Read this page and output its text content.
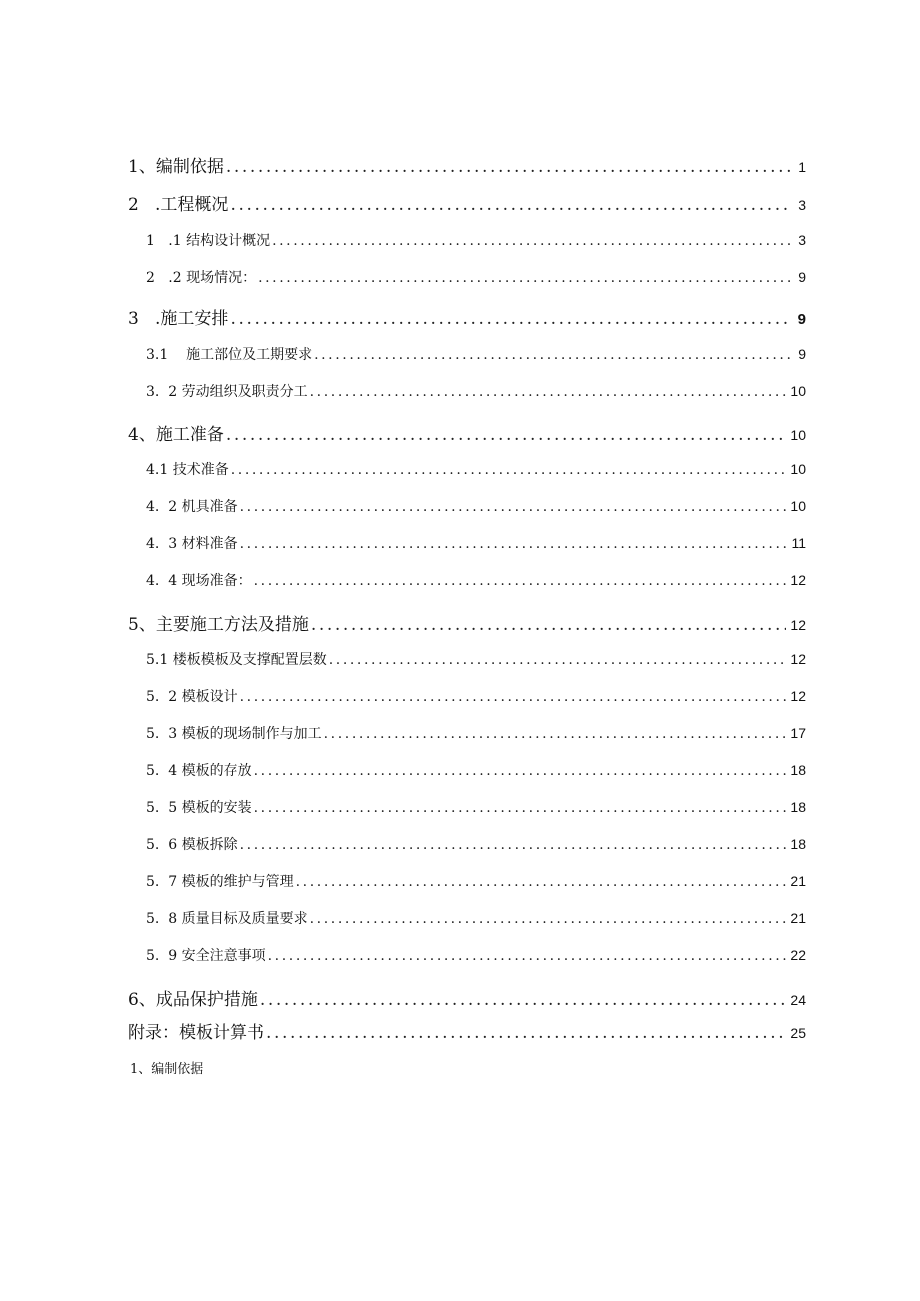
1、编制依据 .....	1
2   .工程概况 .....	3
1   .1 结构设计概况 .....	3
2   .2 现场情况： .....	9
3   .施工安排 .....	9
3.1    施工部位及工期要求 .....	9
3.  2 劳动组织及职责分工 .....	10
4、施工准备 .....	10
4.1 技术准备 .....	10
4.  2 机具准备 .....	10
4.  3 材料准备 .....	11
4.  4 现场准备： .....	12
5、主要施工方法及措施 .....	12
5.1 楼板模板及支撑配置层数 .....	12
5.  2 模板设计 .....	12
5.  3 模板的现场制作与加工 .....	17
5.  4 模板的存放 .....	18
5.  5 模板的安装 .....	18
5.  6 模板拆除 .....	18
5.  7 模板的维护与管理 .....	21
5.  8 质量目标及质量要求 .....	21
5.  9 安全注意事项 .....	22
6、成品保护措施 .....	24
附录：模板计算书 .....	25
1、编制依据
